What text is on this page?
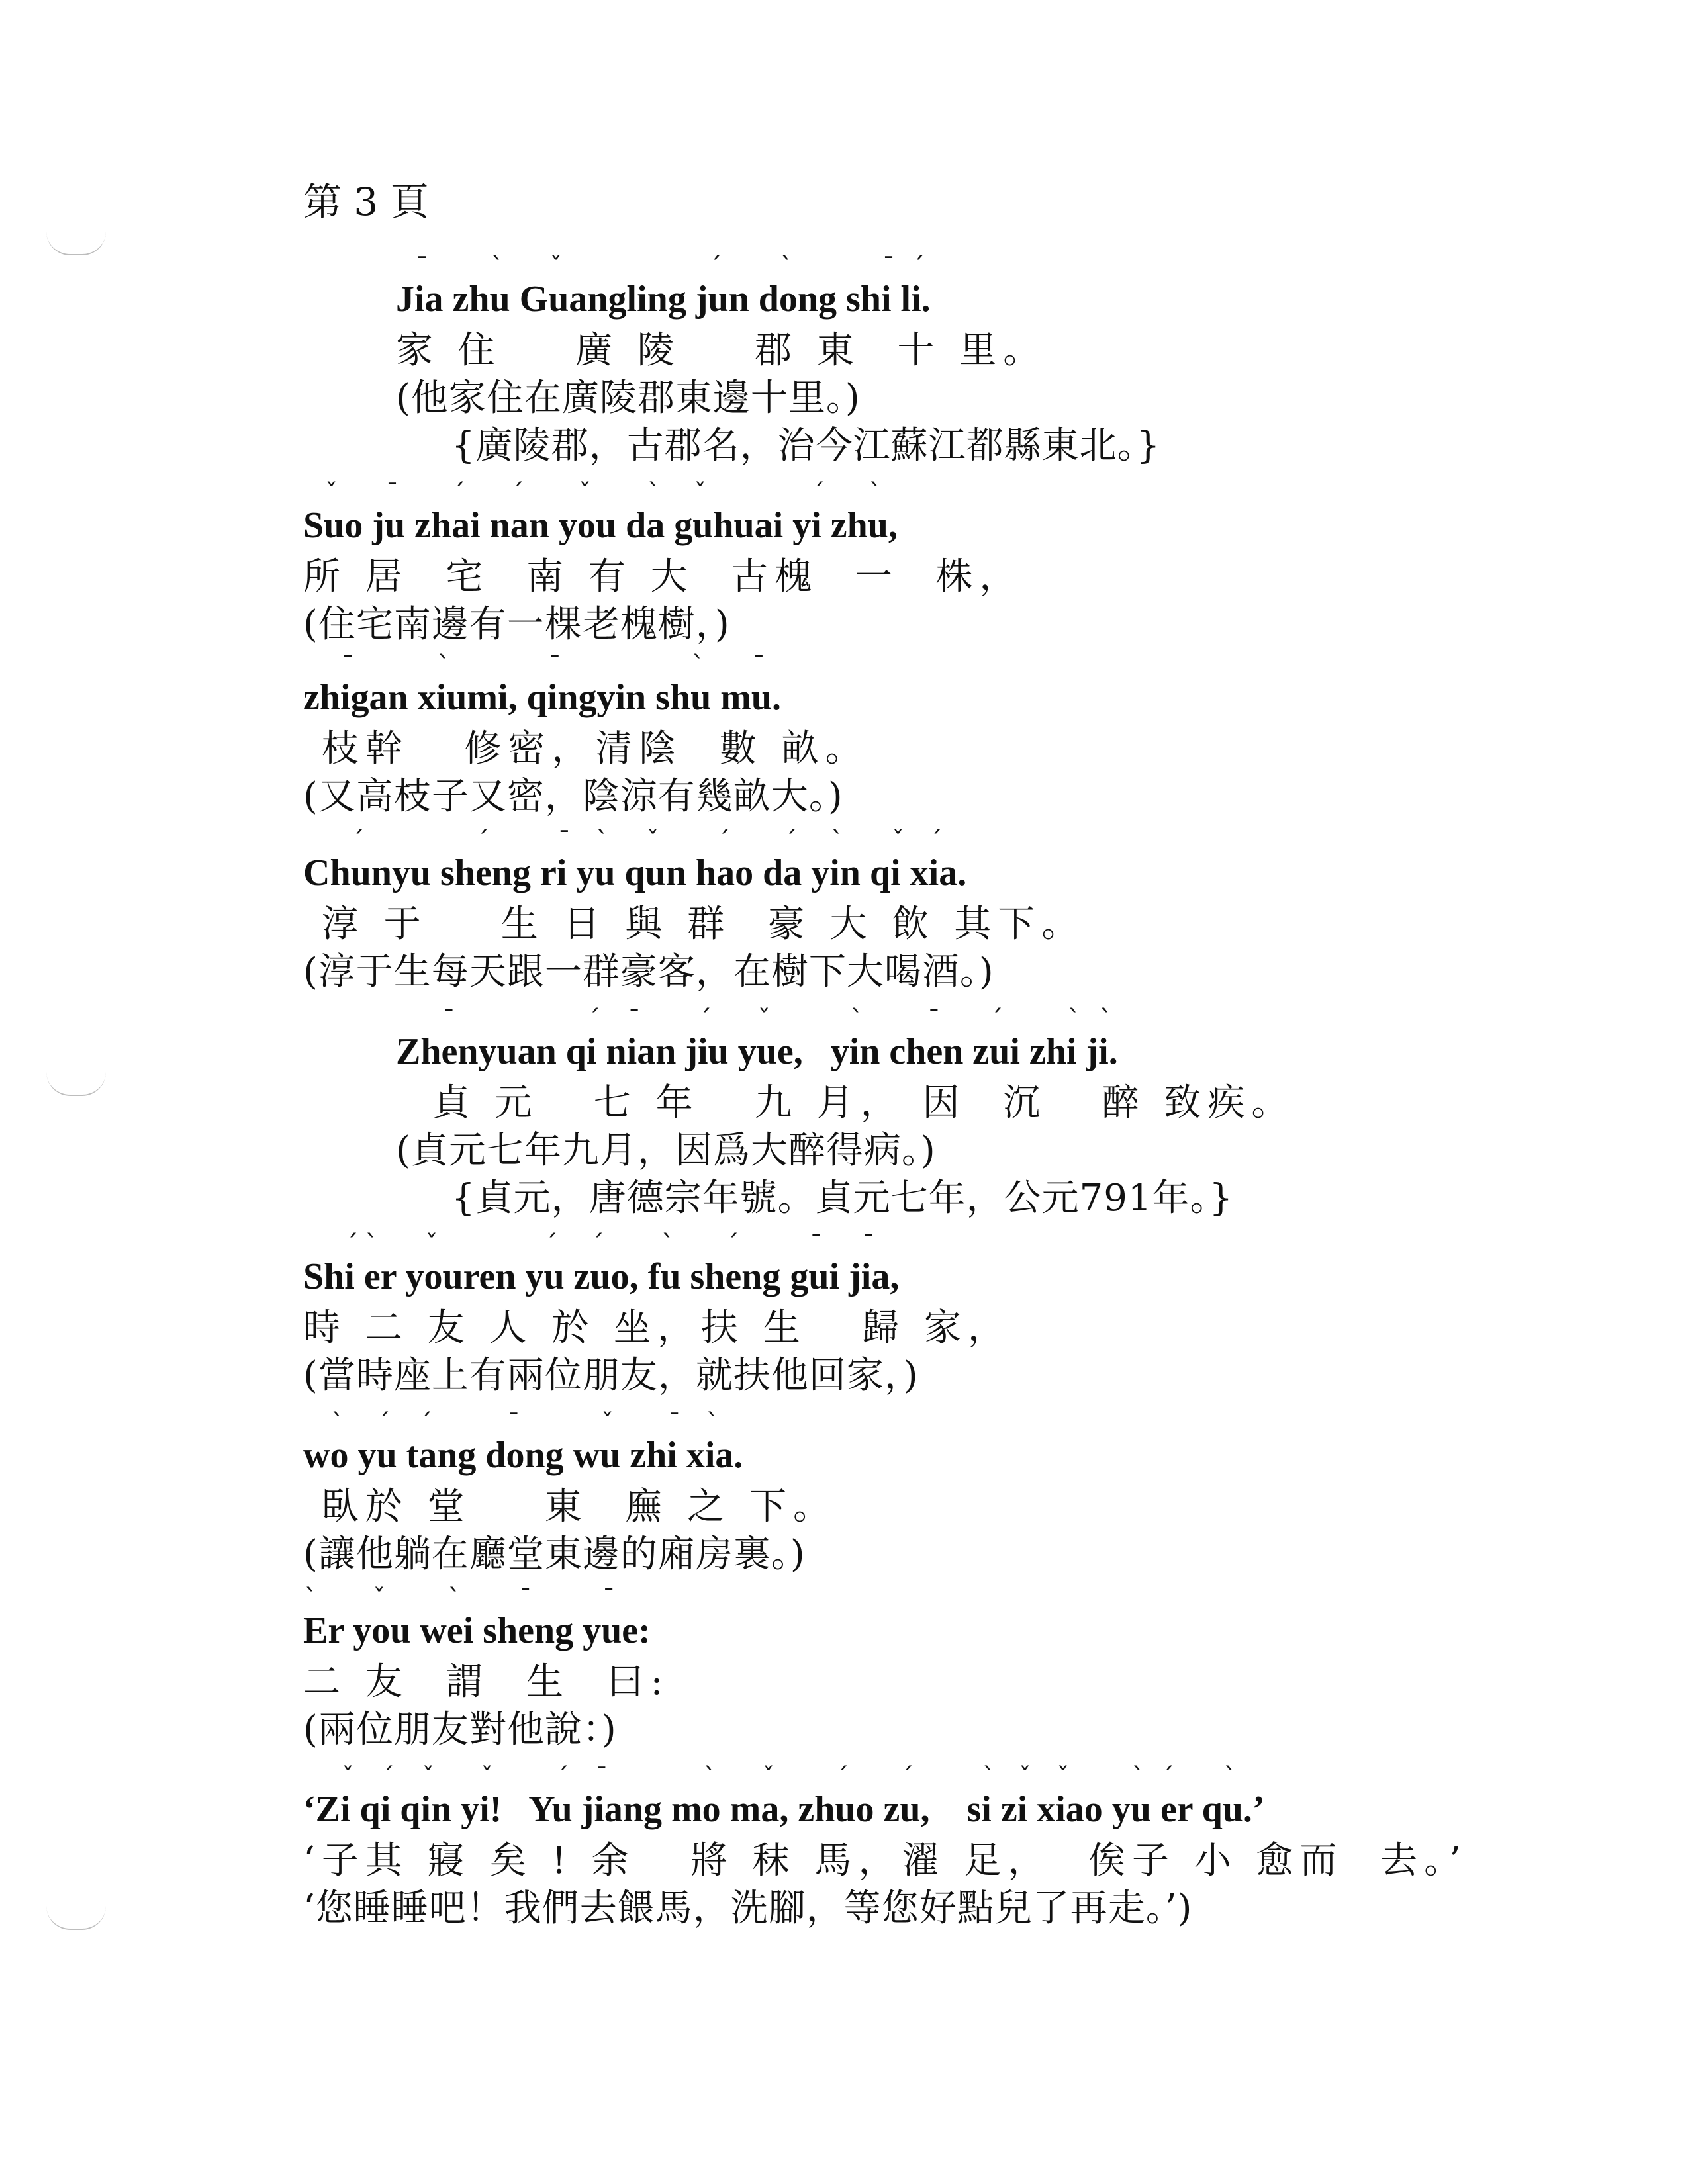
第 3 頁
Jia zhu Guangling jun dong shi li.
ˉ ˋ ˇ	ˊ ˋ	ˉ ˊ
家 住    廣 陵    郡 東  十 里。
(他家住在廣陵郡東邊十里。)
{廣陵郡，古郡名，治今江蘇江都縣東北。}
Suo ju zhai nan you da guhuai yi zhu,
ˇ ˉ ˊ ˊ ˇ ˋ ˇ	ˊ ˋ
所 居  宅  南 有 大  古槐  一  株，
(住宅南邊有一棵老槐樹，)
zhigan xiumi, qingyin shu mu.
ˉ	ˋ	ˉ	ˋ ˉ
枝幹   修密，清陰  數 畝。
(又高枝子又密，陰涼有幾畝大。)
Chunyu sheng ri yu qun hao da yin qi xia.
ˊ	ˊ	ˉ ˋ ˇ ˊ ˊ ˋ ˇ ˊ
淳 于    生 日 與 群  豪 大 飲 其下。
(淳于生每天跟一群豪客，在樹下大喝酒。)
Zhenyuan qi nian jiu yue,   yin chen zui zhi ji.
ˉ	ˊ ˉ ˊ ˇ	ˋ	ˉ ˊ	ˋ ˋ
貞 元   七 年   九 月， 因  沉   醉 致疾。
(貞元七年九月，因爲大醉得病。)
{貞元，唐德宗年號。貞元七年，公元791年。}
Shi er youren yu zuo, fu sheng gui jia,
ˊ ˋ ˇ	ˊ ˊ ˋ ˊ	ˉ ˉ
時 二 友 人 於 坐，扶 生   歸 家，
(當時座上有兩位朋友，就扶他回家，)
wo yu tang dong wu zhi xia.
ˋ ˊ ˊ	ˉ	ˇ ˉ ˋ
臥於 堂    東  廡 之 下。
(讓他躺在廳堂東邊的廂房裏。)
Er you wei sheng yue:
ˋ ˇ ˋ ˉ	ˉ
二 友  謂  生  曰:
(兩位朋友對他說：)
‘Zi qi qin yi!   Yu jiang mo ma, zhuo zu,    si zi xiao yu er qu.’
ˇ ˊ ˇ ˇ	ˊ ˉ	ˋ ˇ ˊ ˊ	ˋ ˇ ˇ ˋ ˊ ˋ
‘子其 寢 矣 ! 余   將 秣 馬，濯 足，  俟子 小 愈而  去。’
‘您睡睡吧！我們去餵馬，洗腳，等您好點兒了再走。’)
